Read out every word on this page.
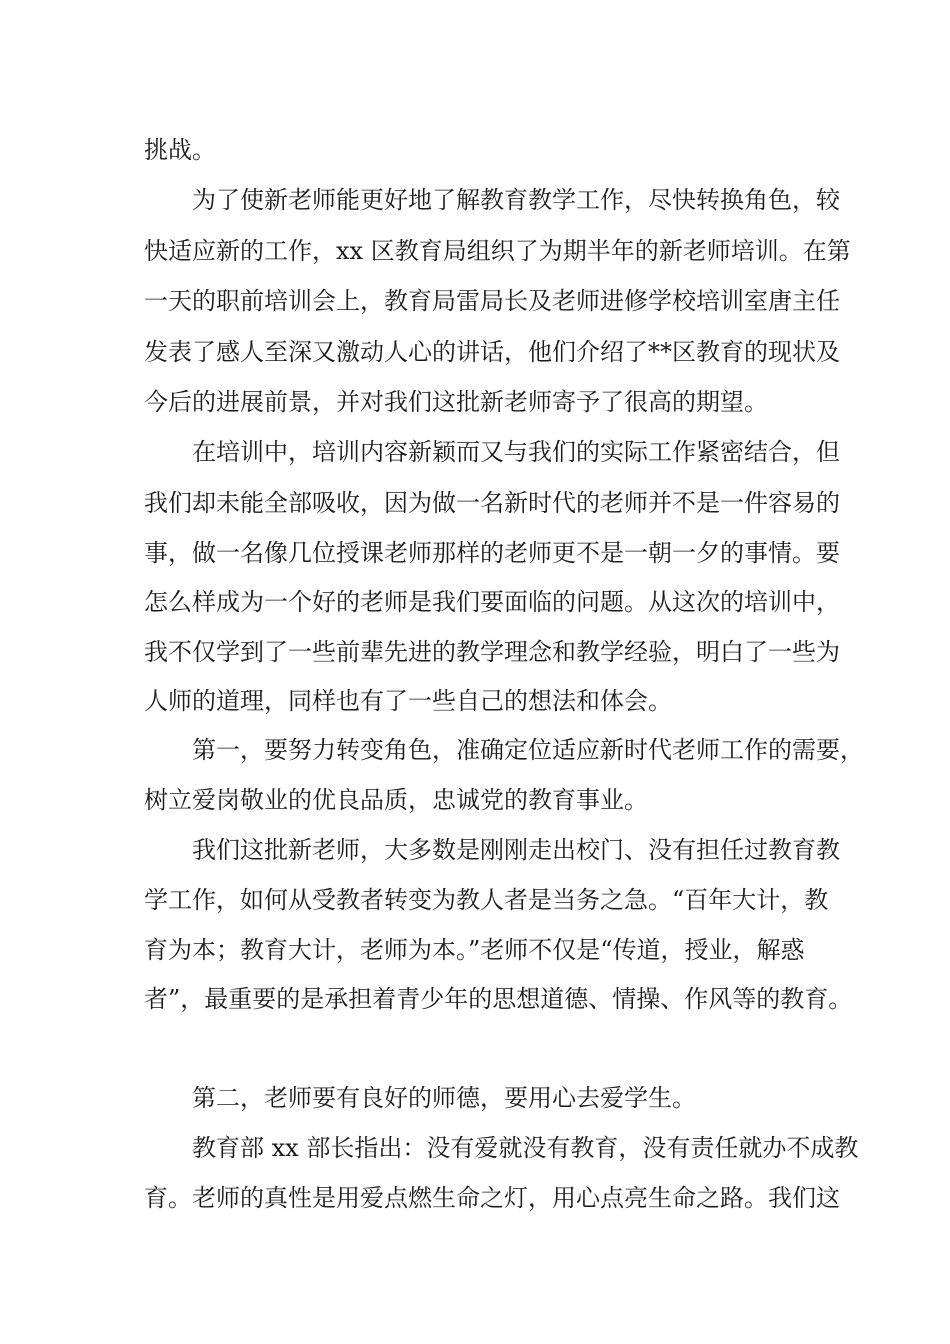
挑战。
为了使新老师能更好地了解教育教学工作，尽快转换角色，较
快适应新的工作，xx 区教育局组织了为期半年的新老师培训。在第
一天的职前培训会上，教育局雷局长及老师进修学校培训室唐主任
发表了感人至深又激动人心的讲话，他们介绍了**区教育的现状及
今后的进展前景，并对我们这批新老师寄予了很高的期望。
在培训中，培训内容新颖而又与我们的实际工作紧密结合，但
我们却未能全部吸收，因为做一名新时代的老师并不是一件容易的
事，做一名像几位授课老师那样的老师更不是一朝一夕的事情。要
怎么样成为一个好的老师是我们要面临的问题。从这次的培训中，
我不仅学到了一些前辈先进的教学理念和教学经验，明白了一些为
人师的道理，同样也有了一些自己的想法和体会。
第一，要努力转变角色，准确定位适应新时代老师工作的需要，
树立爱岗敬业的优良品质，忠诚党的教育事业。
我们这批新老师，大多数是刚刚走出校门、没有担任过教育教
学工作，如何从受教者转变为教人者是当务之急。“百年大计，教
育为本；教育大计，老师为本。”老师不仅是“传道，授业，解惑
者”，最重要的是承担着青少年的思想道德、情操、作风等的教育。
第二，老师要有良好的师德，要用心去爱学生。
教育部 xx 部长指出：没有爱就没有教育，没有责任就办不成教
育。老师的真性是用爱点燃生命之灯，用心点亮生命之路。我们这
